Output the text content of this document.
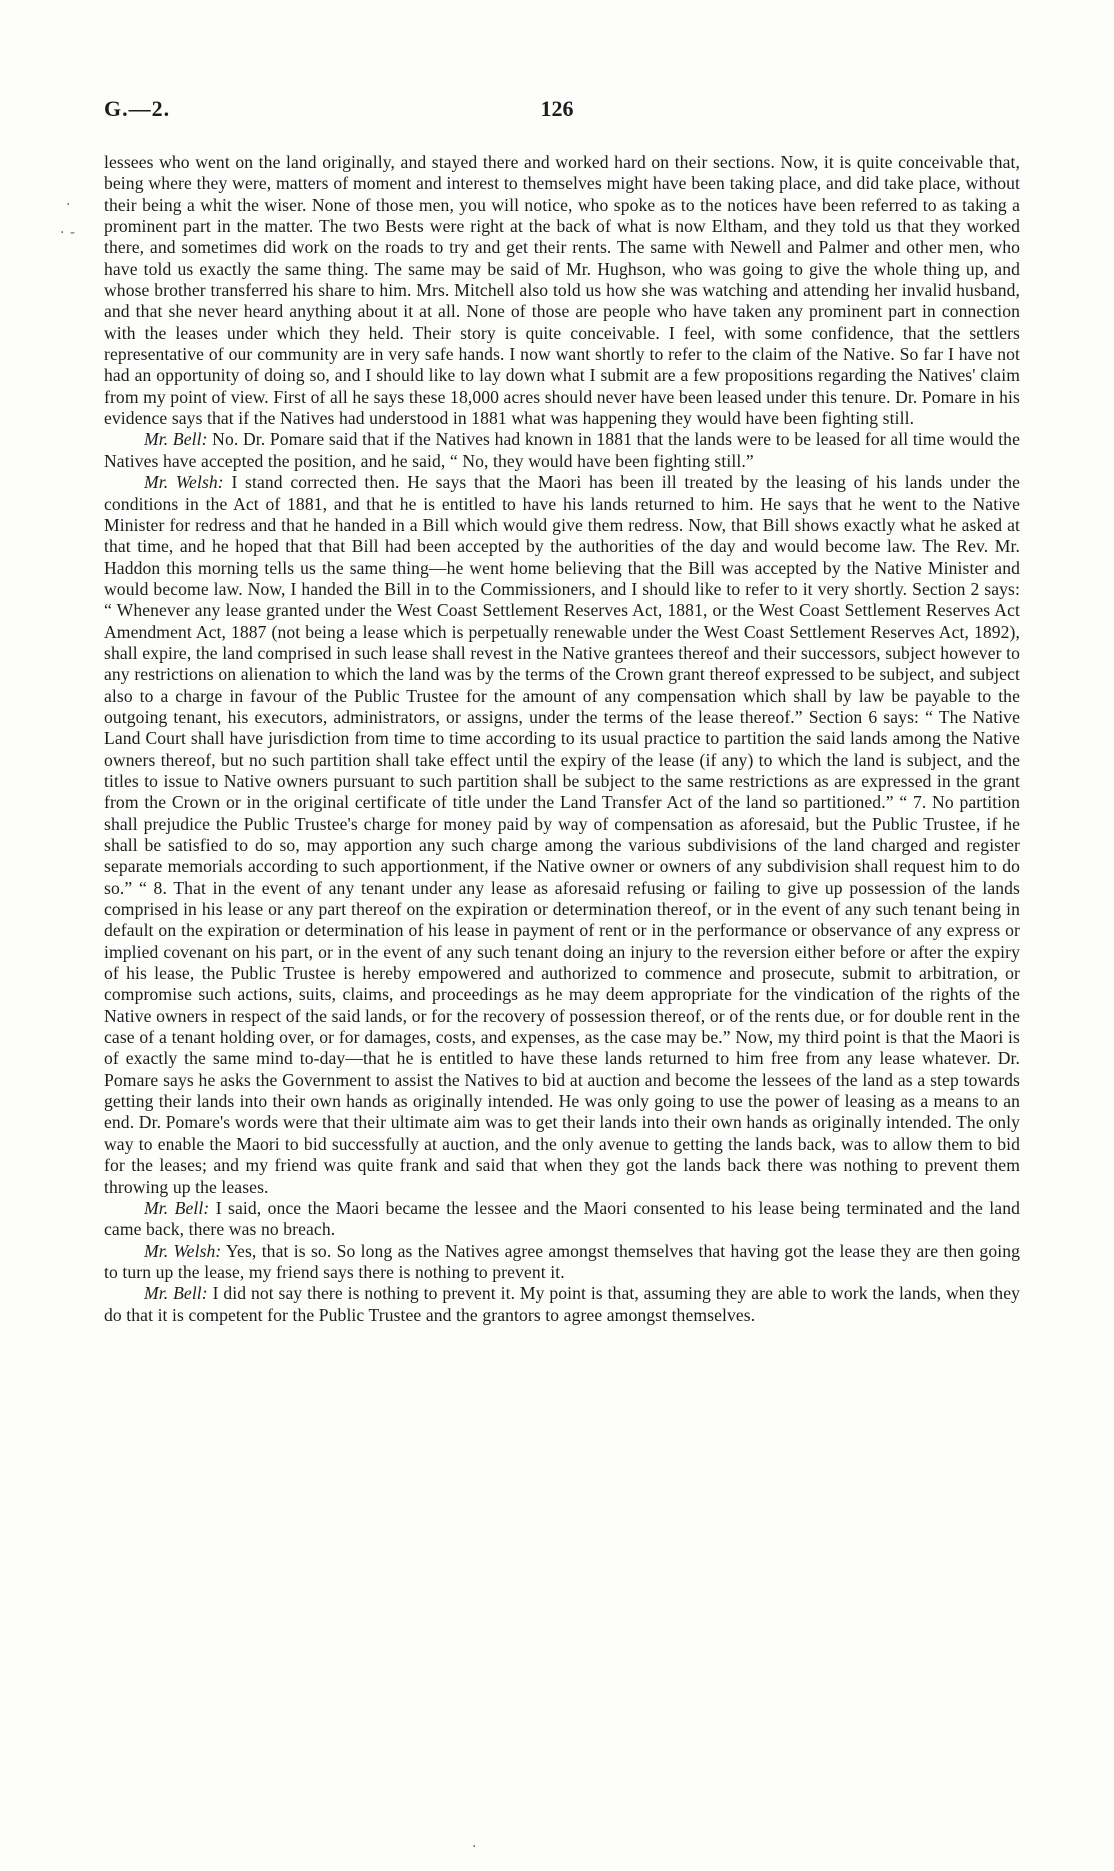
G.—2.	126
.
· -

lessees who went on the land originally, and stayed there and worked hard on their sections. Now, it is quite conceivable that, being where they were, matters of moment and interest to themselves might have been taking place, and did take place, without their being a whit the wiser. None of those men, you will notice, who spoke as to the notices have been referred to as taking a prominent part in the matter. The two Bests were right at the back of what is now Eltham, and they told us that they worked there, and sometimes did work on the roads to try and get their rents. The same with Newell and Palmer and other men, who have told us exactly the same thing. The same may be said of Mr. Hughson, who was going to give the whole thing up, and whose brother transferred his share to him. Mrs. Mitchell also told us how she was watching and attending her invalid husband, and that she never heard anything about it at all. None of those are people who have taken any prominent part in connection with the leases under which they held. Their story is quite conceivable. I feel, with some confidence, that the settlers representative of our community are in very safe hands. I now want shortly to refer to the claim of the Native. So far I have not had an opportunity of doing so, and I should like to lay down what I submit are a few propositions regarding the Natives' claim from my point of view. First of all he says these 18,000 acres should never have been leased under this tenure. Dr. Pomare in his evidence says that if the Natives had understood in 1881 what was happening they would have been fighting still.

Mr. Bell: No. Dr. Pomare said that if the Natives had known in 1881 that the lands were to be leased for all time would the Natives have accepted the position, and he said, “ No, they would have been fighting still.”

Mr. Welsh: I stand corrected then. He says that the Maori has been ill treated by the leasing of his lands under the conditions in the Act of 1881, and that he is entitled to have his lands returned to him. He says that he went to the Native Minister for redress and that he handed in a Bill which would give them redress. Now, that Bill shows exactly what he asked at that time, and he hoped that that Bill had been accepted by the authorities of the day and would become law. The Rev. Mr. Haddon this morning tells us the same thing—he went home believing that the Bill was accepted by the Native Minister and would become law. Now, I handed the Bill in to the Commissioners, and I should like to refer to it very shortly. Section 2 says: “ Whenever any lease granted under the West Coast Settlement Reserves Act, 1881, or the West Coast Settlement Reserves Act Amendment Act, 1887 (not being a lease which is perpetually renewable under the West Coast Settlement Reserves Act, 1892), shall expire, the land comprised in such lease shall revest in the Native grantees thereof and their successors, subject however to any restrictions on alienation to which the land was by the terms of the Crown grant thereof expressed to be subject, and subject also to a charge in favour of the Public Trustee for the amount of any compensation which shall by law be payable to the outgoing tenant, his executors, administrators, or assigns, under the terms of the lease thereof.” Section 6 says: “ The Native Land Court shall have jurisdiction from time to time according to its usual practice to partition the said lands among the Native owners thereof, but no such partition shall take effect until the expiry of the lease (if any) to which the land is subject, and the titles to issue to Native owners pursuant to such partition shall be subject to the same restrictions as are expressed in the grant from the Crown or in the original certificate of title under the Land Transfer Act of the land so partitioned.” “ 7. No partition shall prejudice the Public Trustee's charge for money paid by way of compensation as aforesaid, but the Public Trustee, if he shall be satisfied to do so, may apportion any such charge among the various subdivisions of the land charged and register separate memorials according to such apportionment, if the Native owner or owners of any subdivision shall request him to do so.” “ 8. That in the event of any tenant under any lease as aforesaid refusing or failing to give up possession of the lands comprised in his lease or any part thereof on the expiration or determination thereof, or in the event of any such tenant being in default on the expiration or determination of his lease in payment of rent or in the performance or observance of any express or implied covenant on his part, or in the event of any such tenant doing an injury to the reversion either before or after the expiry of his lease, the Public Trustee is hereby empowered and authorized to commence and prosecute, submit to arbitration, or compromise such actions, suits, claims, and proceedings as he may deem appropriate for the vindication of the rights of the Native owners in respect of the said lands, or for the recovery of possession thereof, or of the rents due, or for double rent in the case of a tenant holding over, or for damages, costs, and expenses, as the case may be.” Now, my third point is that the Maori is of exactly the same mind to-day—that he is entitled to have these lands returned to him free from any lease whatever. Dr. Pomare says he asks the Government to assist the Natives to bid at auction and become the lessees of the land as a step towards getting their lands into their own hands as originally intended. He was only going to use the power of leasing as a means to an end. Dr. Pomare's words were that their ultimate aim was to get their lands into their own hands as originally intended. The only way to enable the Maori to bid successfully at auction, and the only avenue to getting the lands back, was to allow them to bid for the leases; and my friend was quite frank and said that when they got the lands back there was nothing to prevent them throwing up the leases.

Mr. Bell: I said, once the Maori became the lessee and the Maori consented to his lease being terminated and the land came back, there was no breach.

Mr. Welsh: Yes, that is so. So long as the Natives agree amongst themselves that having got the lease they are then going to turn up the lease, my friend says there is nothing to prevent it.

Mr. Bell: I did not say there is nothing to prevent it. My point is that, assuming they are able to work the lands, when they do that it is competent for the Public Trustee and the grantors to agree amongst themselves.

.
